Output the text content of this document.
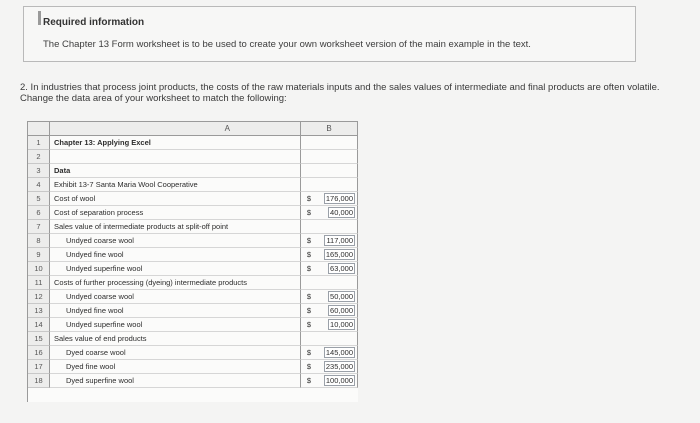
Required information
The Chapter 13 Form worksheet is to be used to create your own worksheet version of the main example in the text.
2. In industries that process joint products, the costs of the raw materials inputs and the sales values of intermediate and final products are often volatile. Change the data area of your worksheet to match the following:
A	B
1	Chapter 13: Applying Excel
2
3	Data
4	Exhibit 13-7 Santa Maria Wool Cooperative
5	Cost of wool	$	176,000
6	Cost of separation process	$	40,000
7	Sales value of intermediate products at split-off point
8	Undyed coarse wool	$	117,000
9	Undyed fine wool	$	165,000
10	Undyed superfine wool	$	63,000
11	Costs of further processing (dyeing) intermediate products
12	Undyed coarse wool	$	50,000
13	Undyed fine wool	$	60,000
14	Undyed superfine wool	$	10,000
15	Sales value of end products
16	Dyed coarse wool	$	145,000
17	Dyed fine wool	$	235,000
18	Dyed superfine wool	$	100,000
